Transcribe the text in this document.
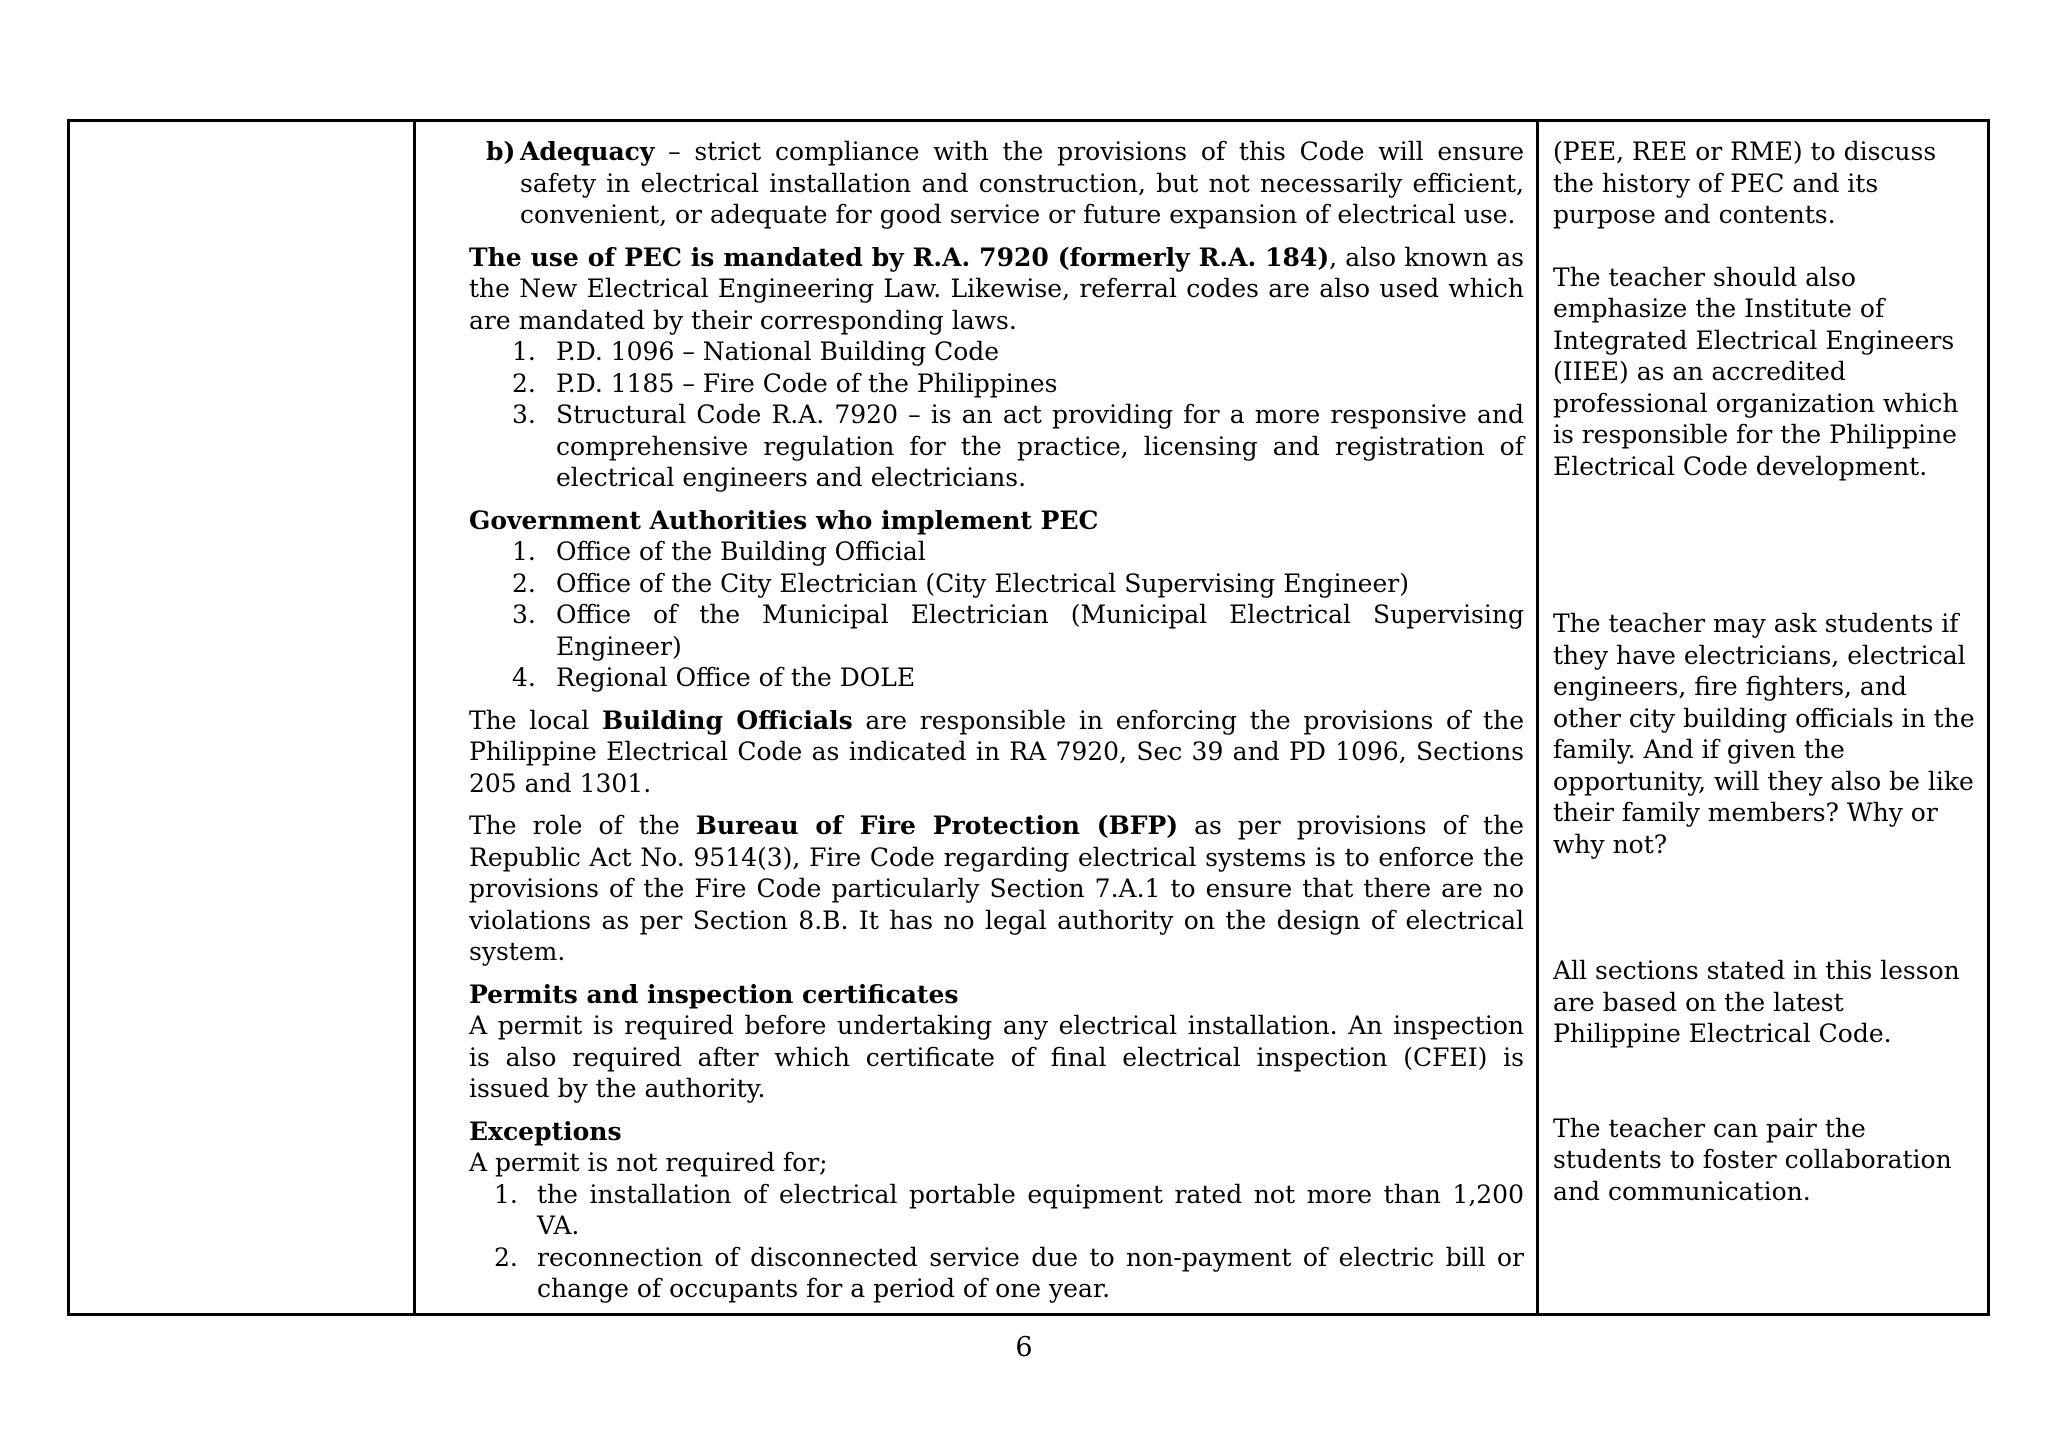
b) Adequacy – strict compliance with the provisions of this Code will ensure safety in electrical installation and construction, but not necessarily efficient, convenient, or adequate for good service or future expansion of electrical use.

The use of PEC is mandated by R.A. 7920 (formerly R.A. 184), also known as the New Electrical Engineering Law. Likewise, referral codes are also used which are mandated by their corresponding laws.

1. P.D. 1096 – National Building Code
2. P.D. 1185 – Fire Code of the Philippines
3. Structural Code R.A. 7920 – is an act providing for a more responsive and comprehensive regulation for the practice, licensing and registration of electrical engineers and electricians.

Government Authorities who implement PEC

1. Office of the Building Official
2. Office of the City Electrician (City Electrical Supervising Engineer)
3. Office of the Municipal Electrician (Municipal Electrical Supervising Engineer)
4. Regional Office of the DOLE

The local Building Officials are responsible in enforcing the provisions of the Philippine Electrical Code as indicated in RA 7920, Sec 39 and PD 1096, Sections 205 and 1301.

The role of the Bureau of Fire Protection (BFP) as per provisions of the Republic Act No. 9514(3), Fire Code regarding electrical systems is to enforce the provisions of the Fire Code particularly Section 7.A.1 to ensure that there are no violations as per Section 8.B. It has no legal authority on the design of electrical system.

Permits and inspection certificates

A permit is required before undertaking any electrical installation. An inspection is also required after which certificate of final electrical inspection (CFEI) is issued by the authority.

Exceptions

A permit is not required for;

1. the installation of electrical portable equipment rated not more than 1,200 VA.
2. reconnection of disconnected service due to non-payment of electric bill or change of occupants for a period of one year.

(PEE, REE or RME) to discuss the history of PEC and its purpose and contents.

The teacher should also emphasize the Institute of Integrated Electrical Engineers (IIEE) as an accredited professional organization which is responsible for the Philippine Electrical Code development.

The teacher may ask students if they have electricians, electrical engineers, fire fighters, and other city building officials in the family. And if given the opportunity, will they also be like their family members? Why or why not?

All sections stated in this lesson are based on the latest Philippine Electrical Code.

The teacher can pair the students to foster collaboration and communication.

6
